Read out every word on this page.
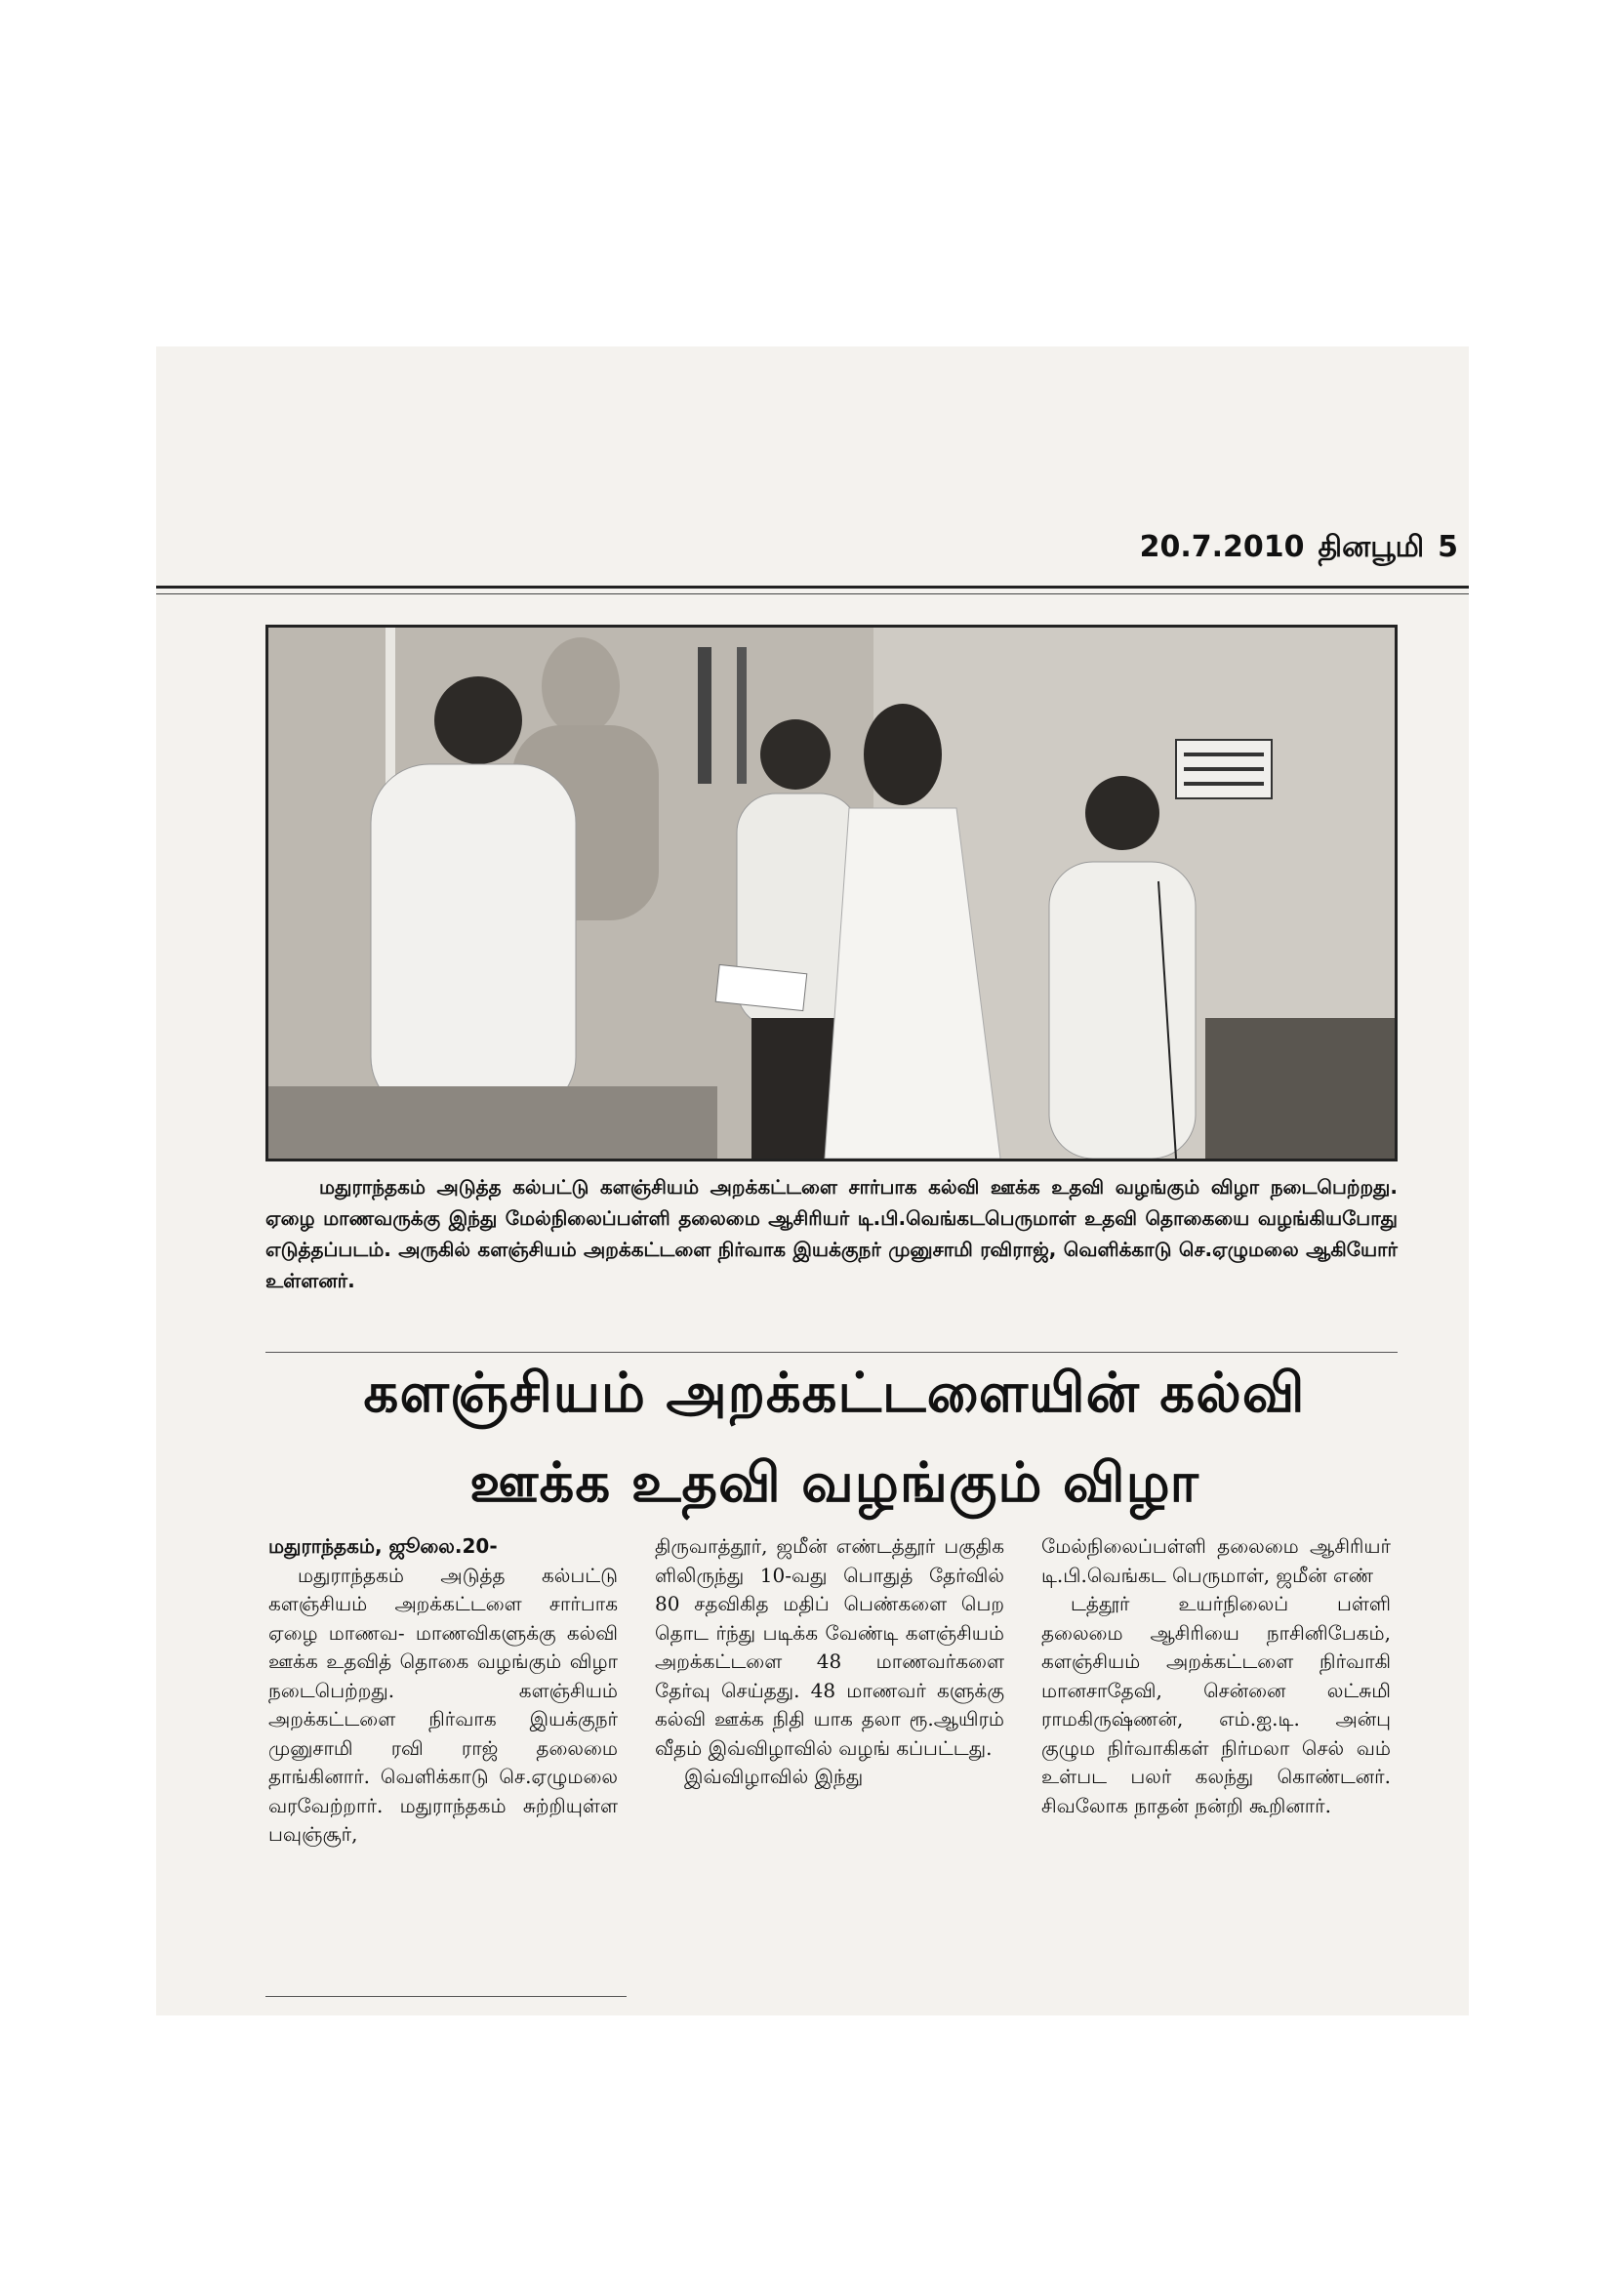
20.7.2010 தினபூமி 5
மதுராந்தகம் அடுத்த கல்பட்டு களஞ்சியம் அறக்கட்டளை சார்பாக கல்வி ஊக்க உதவி வழங்கும் விழா நடைபெற்றது. ஏழை மாணவருக்கு இந்து மேல்நிலைப்பள்ளி தலைமை ஆசிரியர் டி.பி.வெங்கடபெருமாள் உதவி தொகையை வழங்கியபோது எடுத்தப்படம். அருகில் களஞ்சியம் அறக்கட்டளை நிர்வாக இயக்குநர் முனுசாமி ரவிராஜ், வெளிக்காடு செ.ஏழுமலை ஆகியோர் உள்ளனர்.
களஞ்சியம் அறக்கட்டளையின் கல்வி
ஊக்க உதவி வழங்கும் விழா

மதுராந்தகம், ஜூலை.20-

மதுராந்தகம் அடுத்த கல்பட்டு களஞ்சியம் அறக்கட்டளை சார்பாக ஏழை மாணவ- மாணவிகளுக்கு கல்வி ஊக்க உதவித் தொகை வழங்கும் விழா நடைபெற்றது. களஞ்சியம் அறக்கட்டளை நிர்வாக இயக்குநர் முனுசாமி ரவி ராஜ் தலைமை தாங்கினார். வெளிக்காடு செ.ஏழுமலை வரவேற்றார். மதுராந்தகம் சுற்றியுள்ள பவுஞ்சூர்,

திருவாத்தூர், ஜமீன் எண்டத்தூர் பகுதிக ளிலிருந்து 10-வது பொதுத் தேர்வில் 80 சதவிகித மதிப் பெண்களை பெற தொட ர்ந்து படிக்க வேண்டி களஞ்சியம் அறக்கட்டளை 48 மாணவர்களை தேர்வு செய்தது. 48 மாணவர் களுக்கு கல்வி ஊக்க நிதி யாக தலா ரூ.ஆயிரம் வீதம் இவ்விழாவில் வழங் கப்பட்டது.

இவ்விழாவில் இந்து

மேல்நிலைப்பள்ளி தலைமை ஆசிரியர் டி.பி.வெங்கட பெருமாள், ஜமீன் எண்

டத்தூர் உயர்நிலைப் பள்ளி தலைமை ஆசிரியை நாசினிபேகம், களஞ்சியம் அறக்கட்டளை நிர்வாகி மானசாதேவி, சென்னை லட்சுமி ராமகிருஷ்ணன், எம்.ஐ.டி. அன்பு குழும நிர்வாகிகள் நிர்மலா செல் வம் உள்பட பலர் கலந்து கொண்டனர். சிவலோக நாதன் நன்றி கூறினார்.
